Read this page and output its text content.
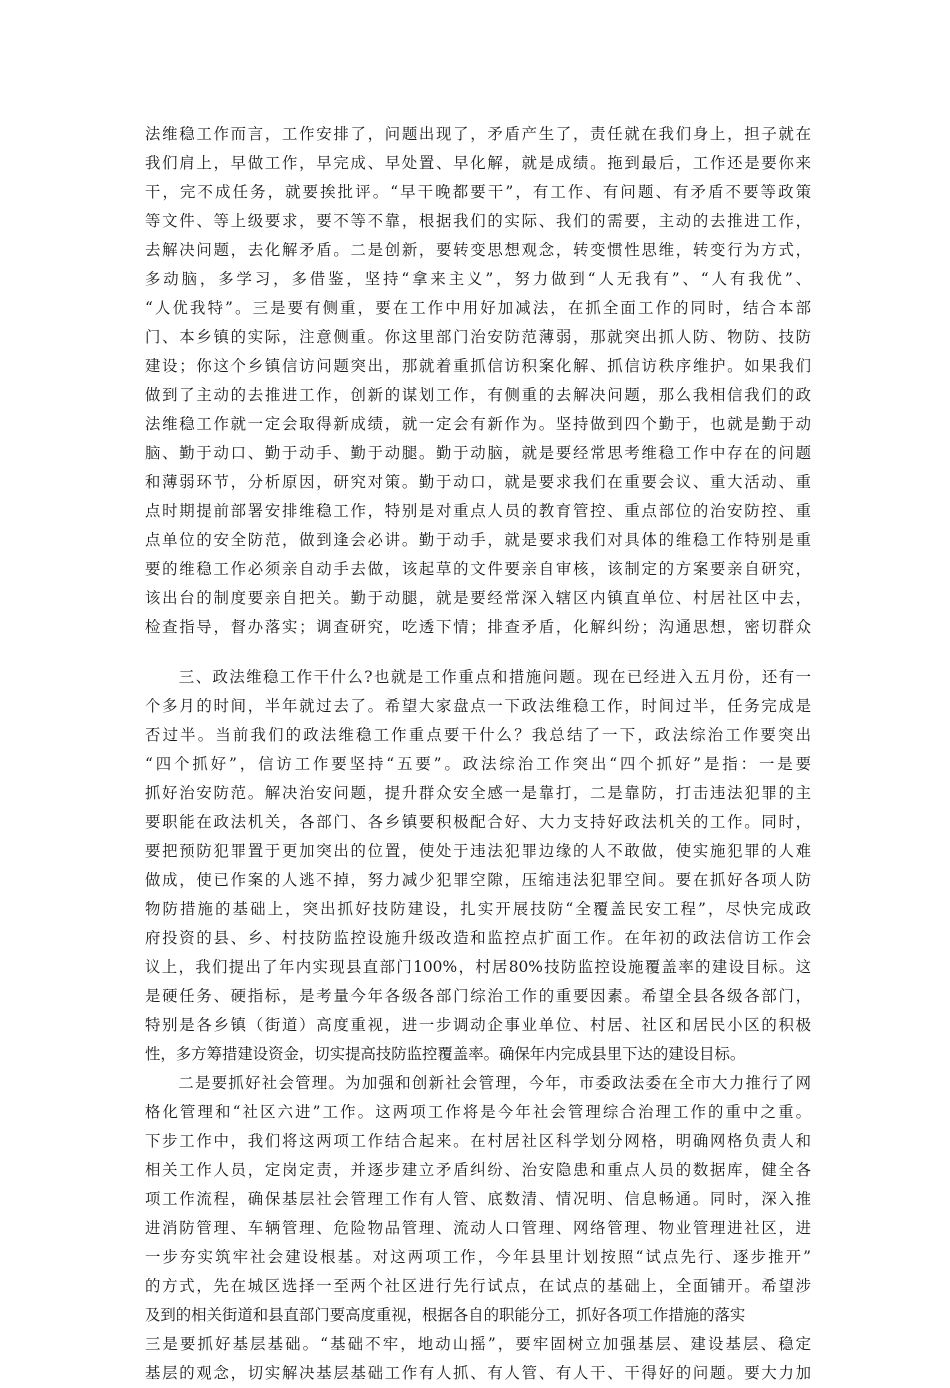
法维稳工作而言，工作安排了，问题出现了，矛盾产生了，责任就在我们身上，担子就在
我们肩上，早做工作，早完成、早处置、早化解，就是成绩。拖到最后，工作还是要你来
干，完不成任务，就要挨批评。“早干晚都要干”，有工作、有问题、有矛盾不要等政策
等文件、等上级要求，要不等不靠，根据我们的实际、我们的需要，主动的去推进工作，
去解决问题，去化解矛盾。二是创新，要转变思想观念，转变惯性思维，转变行为方式，
多动脑，多学习，多借鉴，坚持“拿来主义”，努力做到“人无我有”、“人有我优”、
“人优我特”。三是要有侧重，要在工作中用好加减法，在抓全面工作的同时，结合本部
门、本乡镇的实际，注意侧重。你这里部门治安防范薄弱，那就突出抓人防、物防、技防
建设；你这个乡镇信访问题突出，那就着重抓信访积案化解、抓信访秩序维护。如果我们
做到了主动的去推进工作，创新的谋划工作，有侧重的去解决问题，那么我相信我们的政
法维稳工作就一定会取得新成绩，就一定会有新作为。坚持做到四个勤于，也就是勤于动
脑、勤于动口、勤于动手、勤于动腿。勤于动脑，就是要经常思考维稳工作中存在的问题
和薄弱环节，分析原因，研究对策。勤于动口，就是要求我们在重要会议、重大活动、重
点时期提前部署安排维稳工作，特别是对重点人员的教育管控、重点部位的治安防控、重
点单位的安全防范，做到逢会必讲。勤于动手，就是要求我们对具体的维稳工作特别是重
要的维稳工作必须亲自动手去做，该起草的文件要亲自审核，该制定的方案要亲自研究，
该出台的制度要亲自把关。勤于动腿，就是要经常深入辖区内镇直单位、村居社区中去，
检查指导，督办落实；调查研究，吃透下情；排查矛盾，化解纠纷；沟通思想，密切群众
　　三、政法维稳工作干什么?也就是工作重点和措施问题。现在已经进入五月份，还有一
个多月的时间，半年就过去了。希望大家盘点一下政法维稳工作，时间过半，任务完成是
否过半。当前我们的政法维稳工作重点要干什么？我总结了一下，政法综治工作要突出
“四个抓好”，信访工作要坚持“五要”。政法综治工作突出“四个抓好”是指：一是要
抓好治安防范。解决治安问题，提升群众安全感一是靠打，二是靠防，打击违法犯罪的主
要职能在政法机关，各部门、各乡镇要积极配合好、大力支持好政法机关的工作。同时，
要把预防犯罪置于更加突出的位置，使处于违法犯罪边缘的人不敢做，使实施犯罪的人难
做成，使已作案的人逃不掉，努力减少犯罪空隙，压缩违法犯罪空间。要在抓好各项人防
物防措施的基础上，突出抓好技防建设，扎实开展技防“全覆盖民安工程”，尽快完成政
府投资的县、乡、村技防监控设施升级改造和监控点扩面工作。在年初的政法信访工作会
议上，我们提出了年内实现县直部门100%，村居80%技防监控设施覆盖率的建设目标。这
是硬任务、硬指标，是考量今年各级各部门综治工作的重要因素。希望全县各级各部门，
特别是各乡镇（街道）高度重视，进一步调动企事业单位、村居、社区和居民小区的积极
性，多方筹措建设资金，切实提高技防监控覆盖率。确保年内完成县里下达的建设目标。
　　二是要抓好社会管理。为加强和创新社会管理，今年，市委政法委在全市大力推行了网
格化管理和“社区六进”工作。这两项工作将是今年社会管理综合治理工作的重中之重。
下步工作中，我们将这两项工作结合起来。在村居社区科学划分网格，明确网格负责人和
相关工作人员，定岗定责，并逐步建立矛盾纠纷、治安隐患和重点人员的数据库，健全各
项工作流程，确保基层社会管理工作有人管、底数清、情况明、信息畅通。同时，深入推
进消防管理、车辆管理、危险物品管理、流动人口管理、网络管理、物业管理进社区，进
一步夯实筑牢社会建设根基。对这两项工作，今年县里计划按照“试点先行、逐步推开”
的方式，先在城区选择一至两个社区进行先行试点，在试点的基础上，全面铺开。希望涉
及到的相关街道和县直部门要高度重视，根据各自的职能分工，抓好各项工作措施的落实
三是要抓好基层基础。“基础不牢，地动山摇”，要牢固树立加强基层、建设基层、稳定
基层的观念，切实解决基层基础工作有人抓、有人管、有人干、干得好的问题。要大力加
